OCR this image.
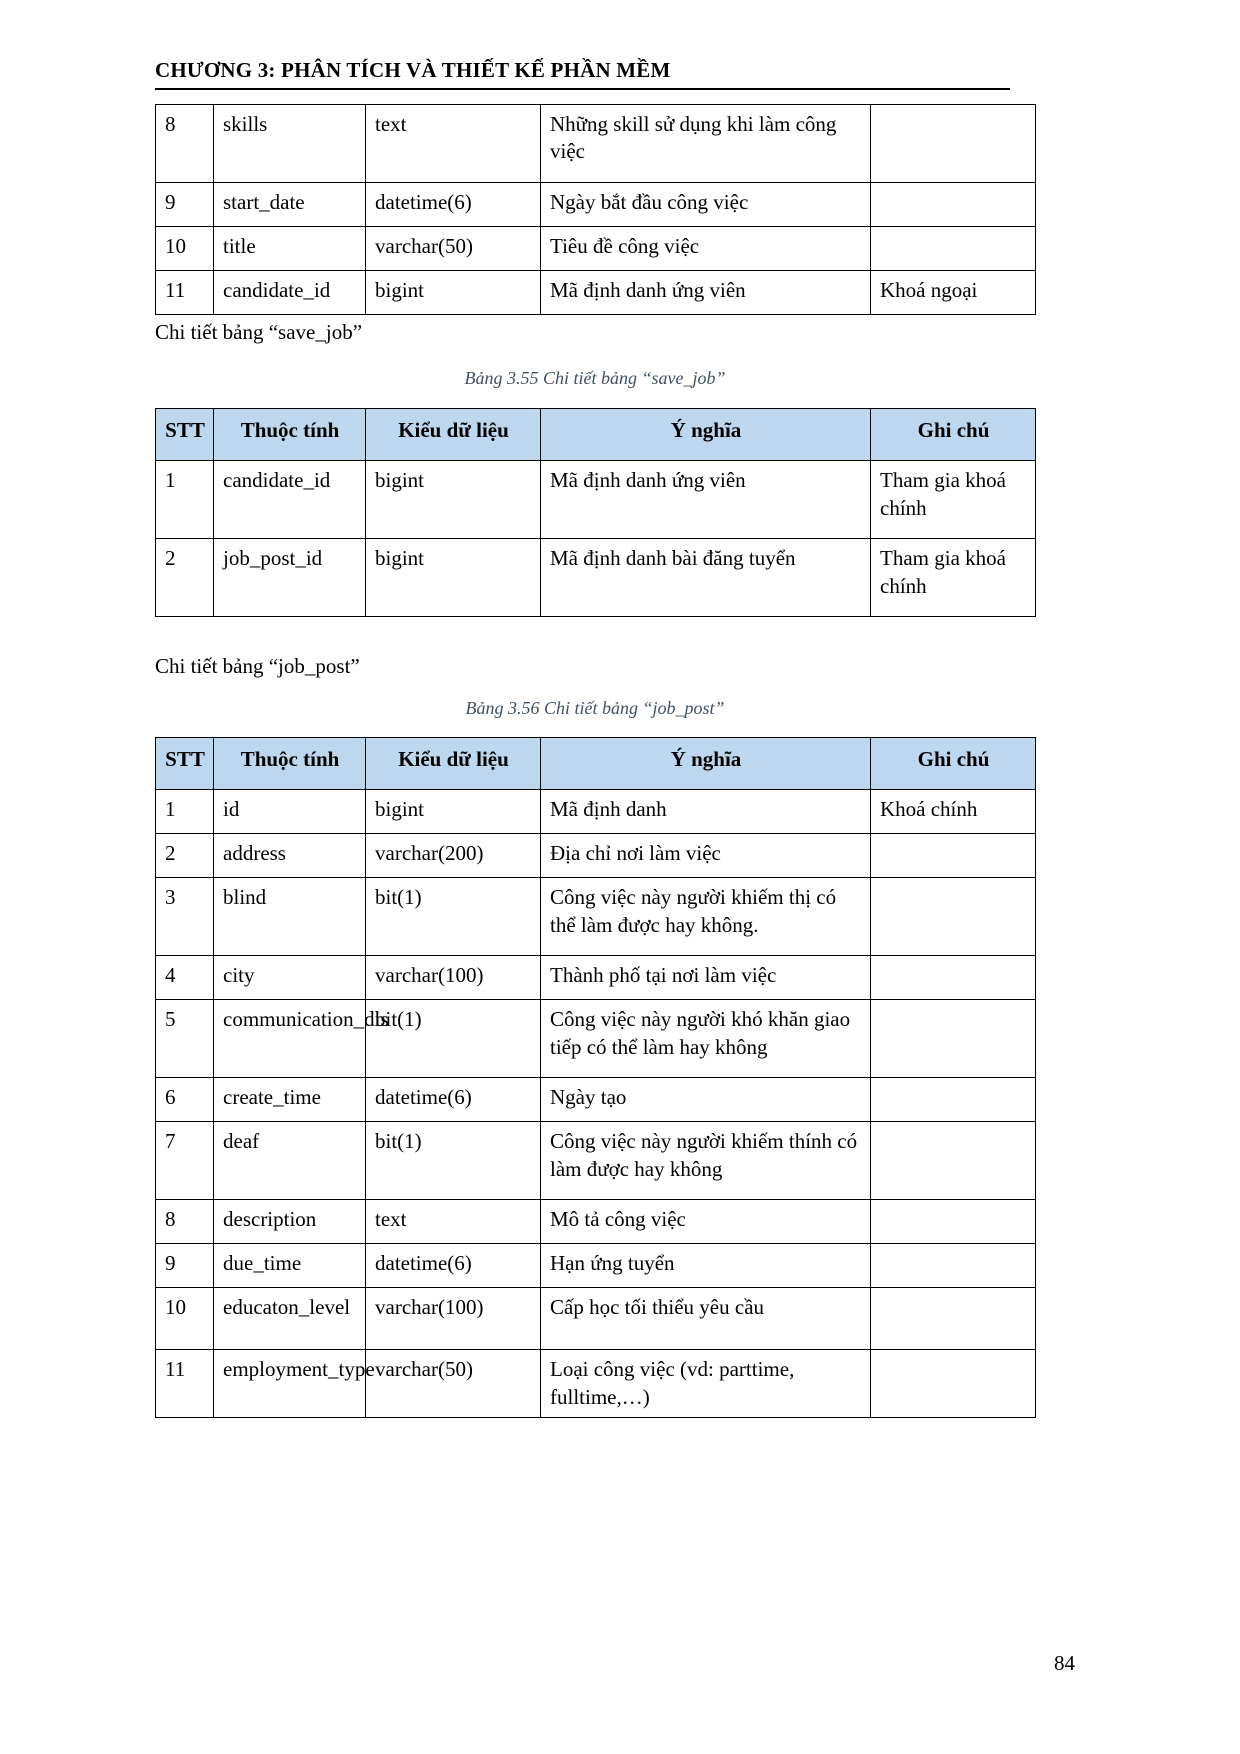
CHƯƠNG 3: PHÂN TÍCH VÀ THIẾT KẾ PHẦN MỀM
8	skills	text	Những skill sử dụng khi làm công việc	
9	start_date	datetime(6)	Ngày bắt đầu công việc	
10	title	varchar(50)	Tiêu đề công việc	
11	candidate_id	bigint	Mã định danh ứng viên	Khoá ngoại
Chi tiết bảng “save_job”
Bảng 3.55 Chi tiết bảng “save_job”
STT	Thuộc tính	Kiểu dữ liệu	Ý nghĩa	Ghi chú
1	candidate_id	bigint	Mã định danh ứng viên	Tham gia khoá chính
2	job_post_id	bigint	Mã định danh bài đăng tuyển	Tham gia khoá chính
Chi tiết bảng “job_post”
Bảng 3.56 Chi tiết bảng “job_post”
STT	Thuộc tính	Kiểu dữ liệu	Ý nghĩa	Ghi chú
1	id	bigint	Mã định danh	Khoá chính
2	address	varchar(200)	Địa chỉ nơi làm việc	
3	blind	bit(1)	Công việc này người khiếm thị có thể làm được hay không.	
4	city	varchar(100)	Thành phố tại nơi làm việc	
5	communication_dis	bit(1)	Công việc này người khó khăn giao tiếp có thể làm hay không	
6	create_time	datetime(6)	Ngày tạo	
7	deaf	bit(1)	Công việc này người khiếm thính có làm được hay không	
8	description	text	Mô tả công việc	
9	due_time	datetime(6)	Hạn ứng tuyển	
10	educaton_level	varchar(100)	Cấp học tối thiểu yêu cầu	
11	employment_type	varchar(50)	Loại công việc (vd: parttime, fulltime,…)	
84
